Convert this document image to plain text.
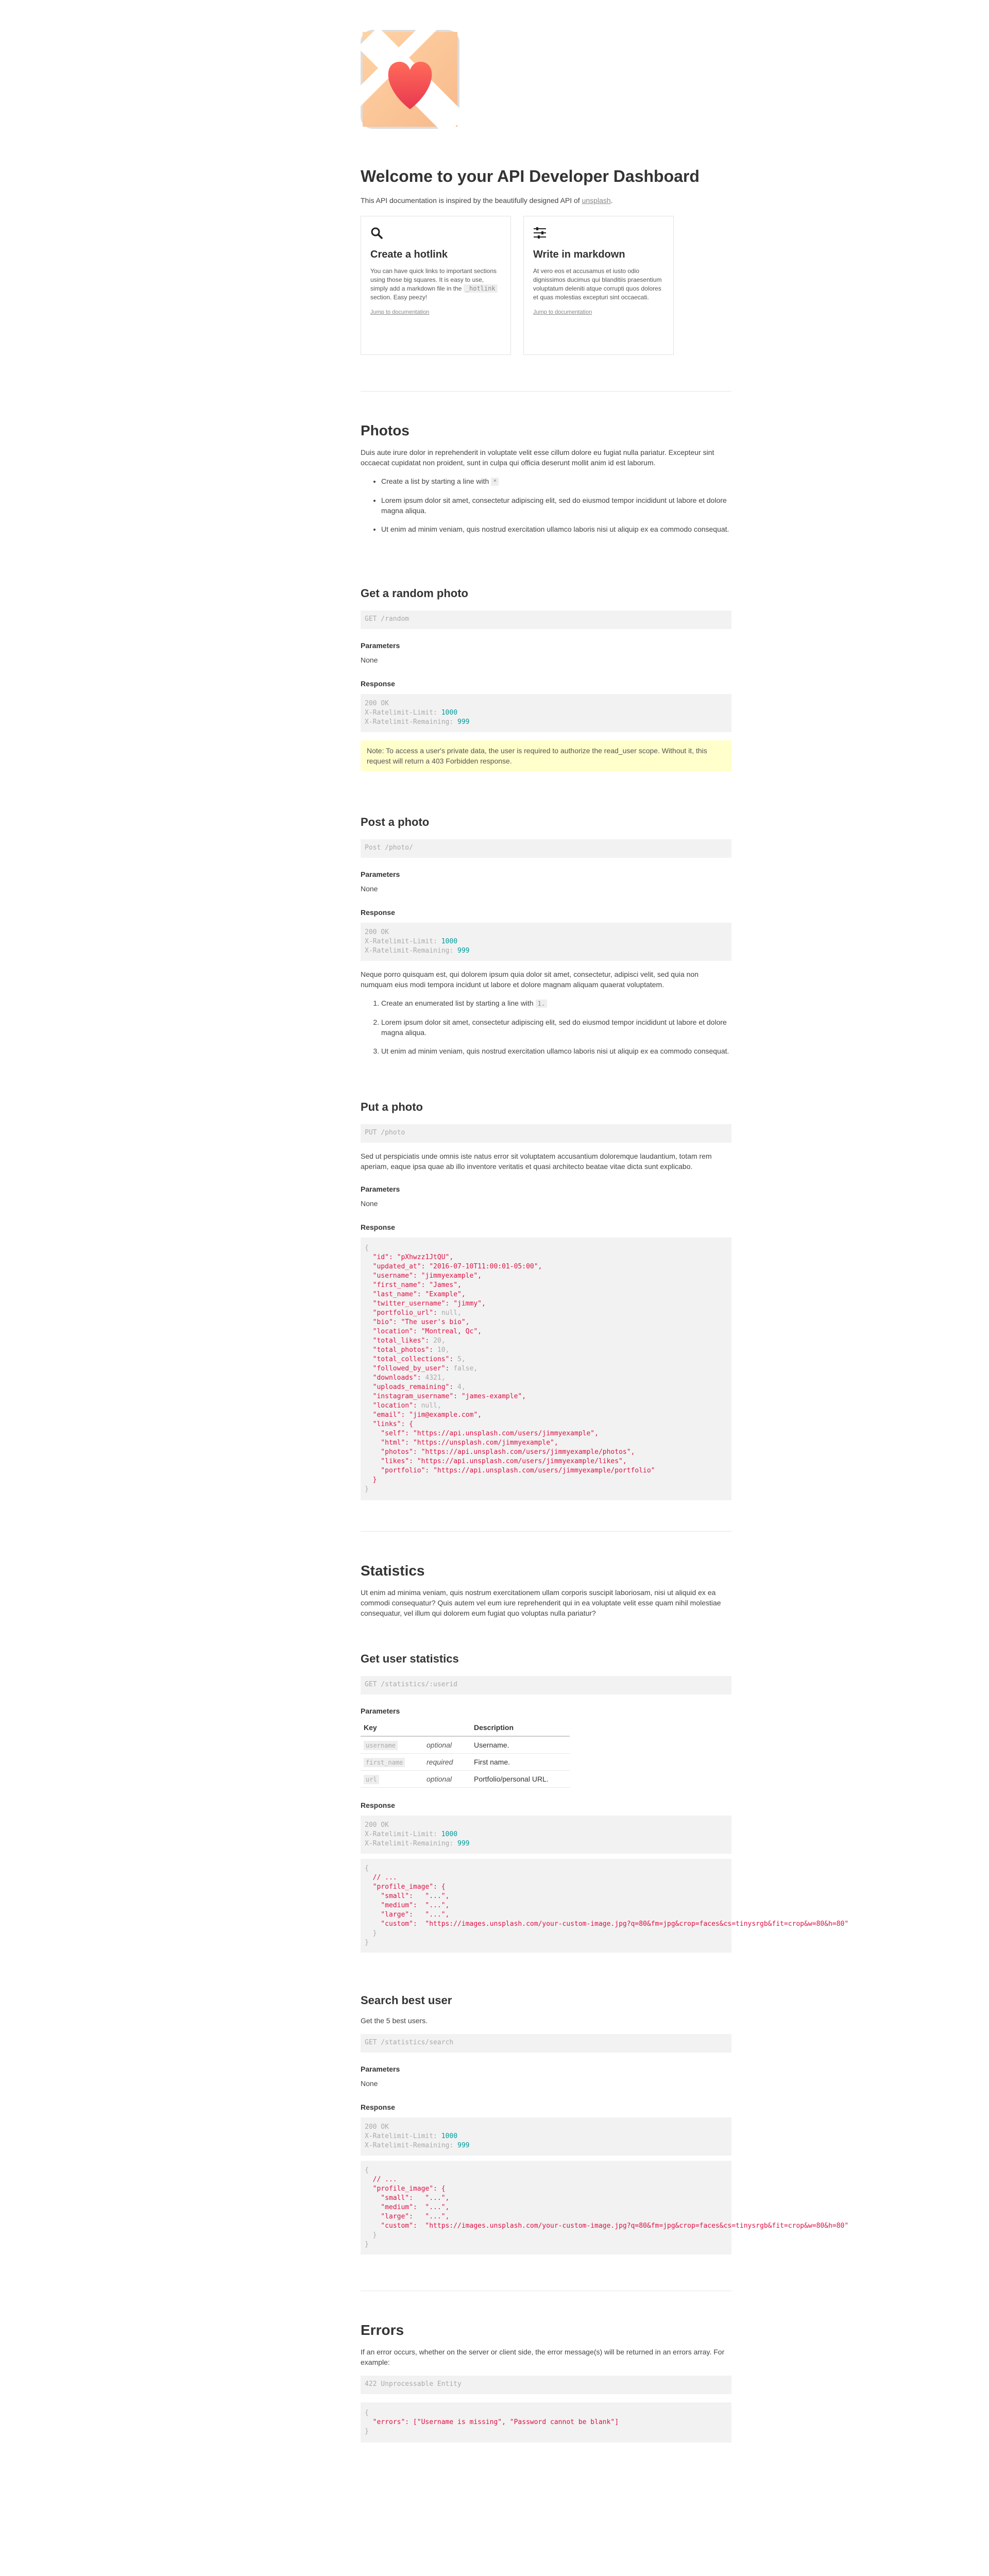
Welcome to your API Developer Dashboard

This API documentation is inspired by the beautifully designed API of unsplash.

Create a hotlink
You can have quick links to important sections using those big squares. It is easy to use, simply add a markdown file in the _hotlink section. Easy peezy!
Jump to documentation
Write in markdown
At vero eos et accusamus et iusto odio dignissimos ducimus qui blanditiis praesentium voluptatum deleniti atque corrupti quos dolores et quas molestias excepturi sint occaecati.
Jump to documentation
Photos

Duis aute irure dolor in reprehenderit in voluptate velit esse cillum dolore eu fugiat nulla pariatur. Excepteur sint occaecat cupidatat non proident, sunt in culpa qui officia deserunt mollit anim id est laborum.

• Create a list by starting a line with *
• Lorem ipsum dolor sit amet, consectetur adipiscing elit, sed do eiusmod tempor incididunt ut labore et dolore magna aliqua.
• Ut enim ad minim veniam, quis nostrud exercitation ullamco laboris nisi ut aliquip ex ea commodo consequat.
Get a random photo
GET /random
Parameters

None

Response
200 OK
X-Ratelimit-Limit: 1000
X-Ratelimit-Remaining: 999
Note: To access a user's private data, the user is required to authorize the read_user scope. Without it, this request will return a 403 Forbidden response.
Post a photo
Post /photo/
Parameters

None

Response
200 OK
X-Ratelimit-Limit: 1000
X-Ratelimit-Remaining: 999

Neque porro quisquam est, qui dolorem ipsum quia dolor sit amet, consectetur, adipisci velit, sed quia non numquam eius modi tempora incidunt ut labore et dolore magnam aliquam quaerat voluptatem.

1. Create an enumerated list by starting a line with 1.
2. Lorem ipsum dolor sit amet, consectetur adipiscing elit, sed do eiusmod tempor incididunt ut labore et dolore magna aliqua.
3. Ut enim ad minim veniam, quis nostrud exercitation ullamco laboris nisi ut aliquip ex ea commodo consequat.
Put a photo
PUT /photo

Sed ut perspiciatis unde omnis iste natus error sit voluptatem accusantium doloremque laudantium, totam rem aperiam, eaque ipsa quae ab illo inventore veritatis et quasi architecto beatae vitae dicta sunt explicabo.

Parameters

None

Response
{
"id": "pXhwzz1JtQU",
"updated_at": "2016-07-10T11:00:01-05:00",
"username": "jimmyexample",
"first_name": "James",
"last_name": "Example",
"twitter_username": "jimmy",
"portfolio_url": null,
"bio": "The user's bio",
"location": "Montreal, Qc",
"total_likes": 20,
"total_photos": 10,
"total_collections": 5,
"followed_by_user": false,
"downloads": 4321,
"uploads_remaining": 4,
"instagram_username": "james-example",
"location": null,
"email": "jim@example.com",
"links": {
"self": "https://api.unsplash.com/users/jimmyexample",
"html": "https://unsplash.com/jimmyexample",
"photos": "https://api.unsplash.com/users/jimmyexample/photos",
"likes": "https://api.unsplash.com/users/jimmyexample/likes",
"portfolio": "https://api.unsplash.com/users/jimmyexample/portfolio"
}
}
Statistics

Ut enim ad minima veniam, quis nostrum exercitationem ullam corporis suscipit laboriosam, nisi ut aliquid ex ea commodi consequatur? Quis autem vel eum iure reprehenderit qui in ea voluptate velit esse quam nihil molestiae consequatur, vel illum qui dolorem eum fugiat quo voluptas nulla pariatur?

Get user statistics
GET /statistics/:userid
Parameters
Key		Description
username	optional	Username.
first_name	required	First name.
url	optional	Portfolio/personal URL.
Response
200 OK
X-Ratelimit-Limit: 1000
X-Ratelimit-Remaining: 999
{
// ...
"profile_image": {
"small":   "...",
"medium":  "...",
"large":   "...",
"custom":  "https://images.unsplash.com/your-custom-image.jpg?q=80&fm=jpg&crop=faces&cs=tinysrgb&fit=crop&w=80&h=80"
}
}
Search best user

Get the 5 best users.

GET /statistics/search
Parameters

None

Response
200 OK
X-Ratelimit-Limit: 1000
X-Ratelimit-Remaining: 999
{
// ...
"profile_image": {
"small":   "...",
"medium":  "...",
"large":   "...",
"custom":  "https://images.unsplash.com/your-custom-image.jpg?q=80&fm=jpg&crop=faces&cs=tinysrgb&fit=crop&w=80&h=80"
}
}
Errors

If an error occurs, whether on the server or client side, the error message(s) will be returned in an errors array. For example:

422 Unprocessable Entity
{
"errors": ["Username is missing", "Password cannot be blank"]
}
